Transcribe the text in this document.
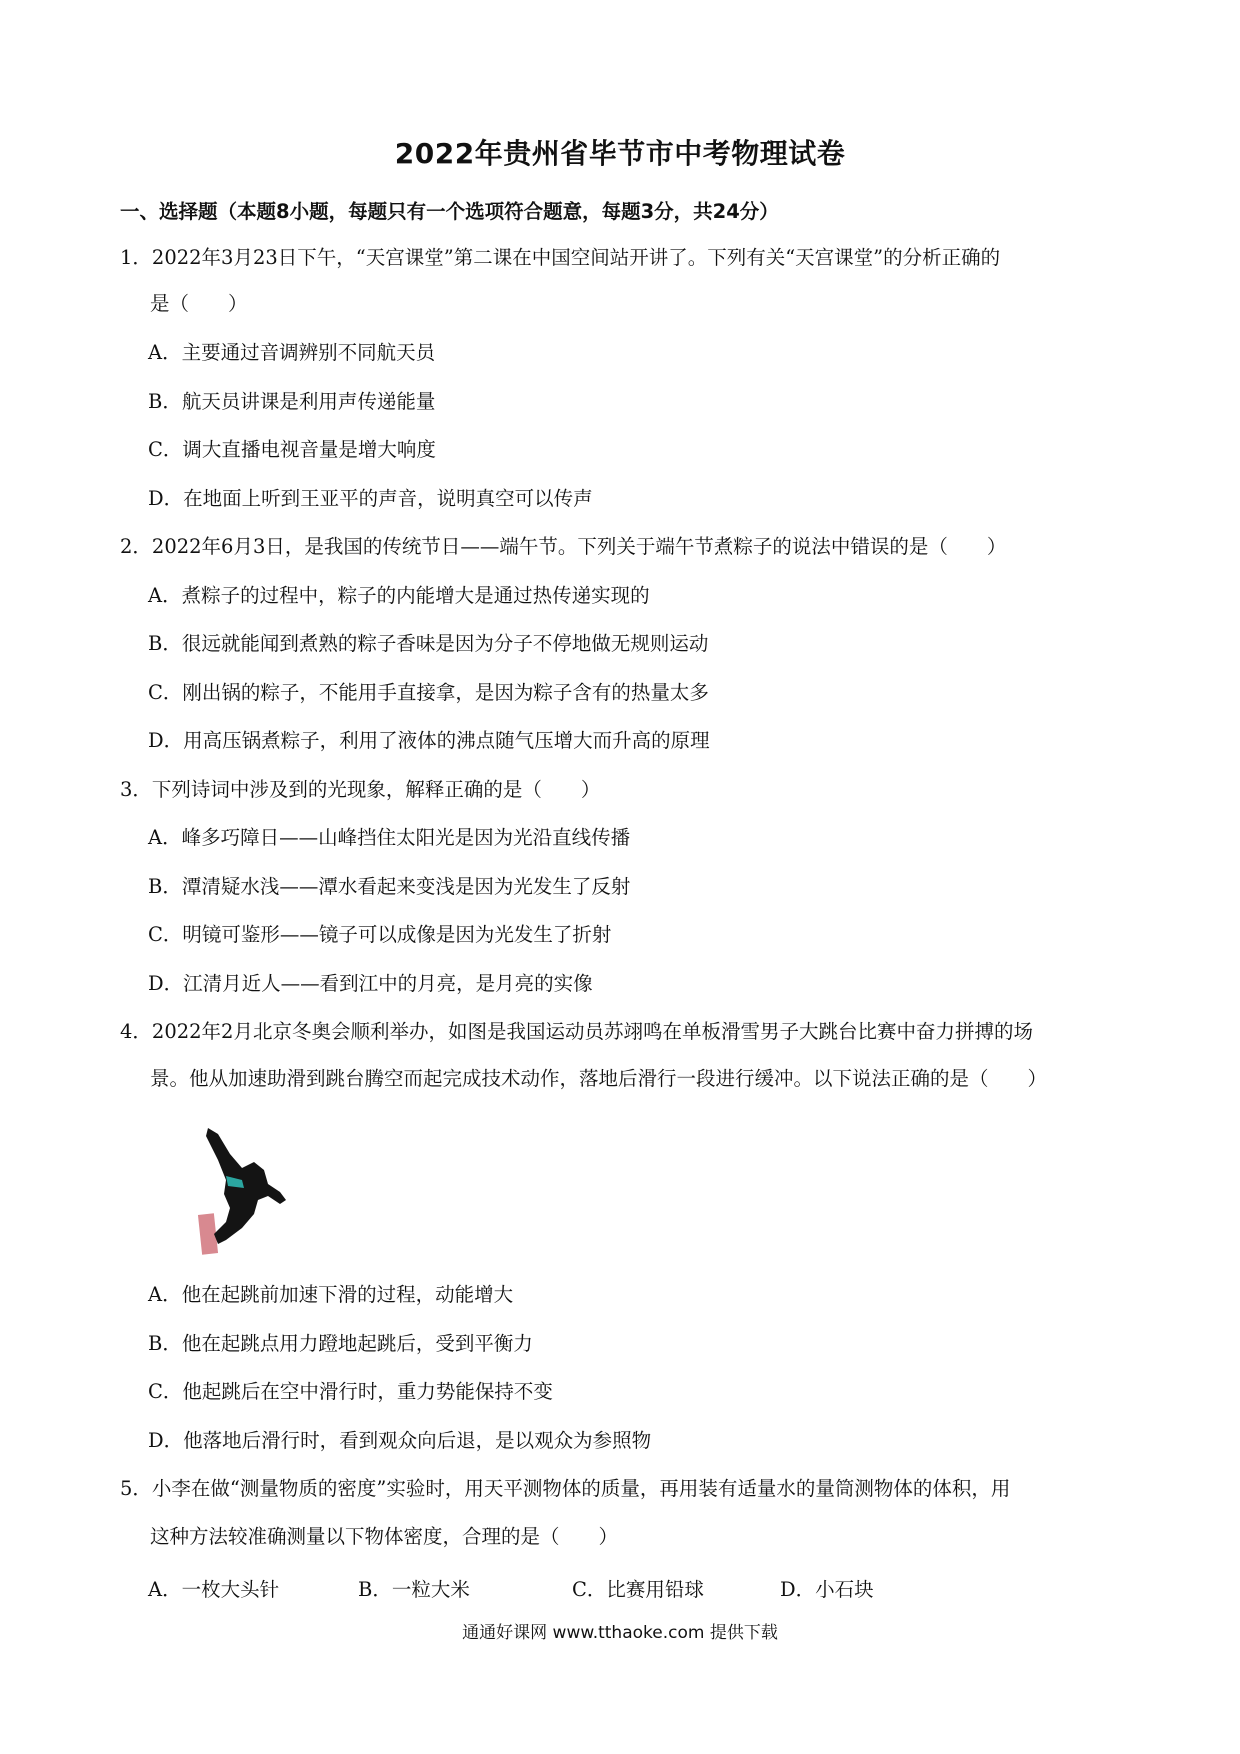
2022年贵州省毕节市中考物理试卷
一、选择题（本题8小题，每题只有一个选项符合题意，每题3分，共24分）
1．2022年3月23日下午，“天宫课堂”第二课在中国空间站开讲了。下列有关“天宫课堂”的分析正确的
是（　　）
A．主要通过音调辨别不同航天员
B．航天员讲课是利用声传递能量
C．调大直播电视音量是增大响度
D．在地面上听到王亚平的声音，说明真空可以传声
2．2022年6月3日，是我国的传统节日——端午节。下列关于端午节煮粽子的说法中错误的是（　　）
A．煮粽子的过程中，粽子的内能增大是通过热传递实现的
B．很远就能闻到煮熟的粽子香味是因为分子不停地做无规则运动
C．刚出锅的粽子，不能用手直接拿，是因为粽子含有的热量太多
D．用高压锅煮粽子，利用了液体的沸点随气压增大而升高的原理
3．下列诗词中涉及到的光现象，解释正确的是（　　）
A．峰多巧障日——山峰挡住太阳光是因为光沿直线传播
B．潭清疑水浅——潭水看起来变浅是因为光发生了反射
C．明镜可鉴形——镜子可以成像是因为光发生了折射
D．江清月近人——看到江中的月亮，是月亮的实像
4．2022年2月北京冬奥会顺利举办，如图是我国运动员苏翊鸣在单板滑雪男子大跳台比赛中奋力拼搏的场
景。他从加速助滑到跳台腾空而起完成技术动作，落地后滑行一段进行缓冲。以下说法正确的是（　　）
A．他在起跳前加速下滑的过程，动能增大
B．他在起跳点用力蹬地起跳后，受到平衡力
C．他起跳后在空中滑行时，重力势能保持不变
D．他落地后滑行时，看到观众向后退，是以观众为参照物
5．小李在做“测量物质的密度”实验时，用天平测物体的质量，再用装有适量水的量筒测物体的体积，用
这种方法较准确测量以下物体密度，合理的是（　　）
A．一枚大头针	B．一粒大米	C．比赛用铅球	D．小石块
通通好课网 www.tthaoke.com 提供下载
